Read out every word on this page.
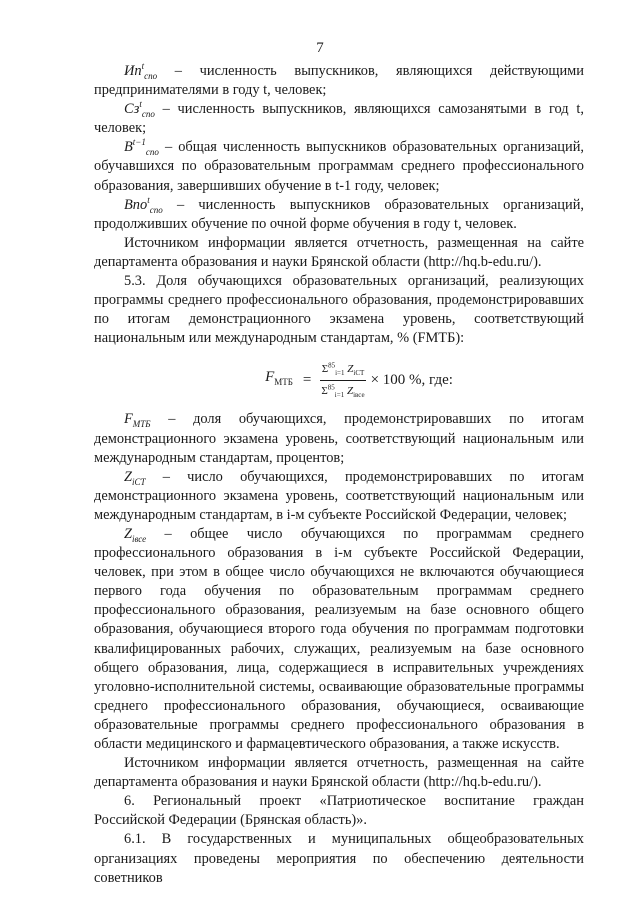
7

$Ип^t_{спо}$ – численность выпускников, являющихся действующими предпринимателями в году t, человек;

$Сз^t_{спо}$ – численность выпускников, являющихся самозанятыми в год t, человек;

$В^{t-1}_{спо}$ – общая численность выпускников образовательных организаций, обучавшихся по образовательным программам среднего профессионального образования, завершивших обучение в t-1 году, человек;

Впо$^t_{спо}$ – численность выпускников образовательных организаций, продолживших обучение по очной форме обучения в году t, человек.

Источником информации является отчетность, размещенная на сайте департамента образования и науки Брянской области (http://hq.b-edu.ru/).

5.3. Доля обучающихся образовательных организаций, реализующих программы среднего профессионального образования, продемонстрировавших по итогам демонстрационного экзамена уровень, соответствующий национальным или международным стандартам, % (FМТБ):

$F_{МТБ} = \frac{\Sigma^{85}_{i=1} Z_{iСТ}}{\Sigma^{85}_{i=1} Z_{iвсе}} \times 100$ %, где:

$F_{МТБ}$ – доля обучающихся, продемонстрировавших по итогам демонстрационного экзамена уровень, соответствующий национальным или международным стандартам, процентов;

$Z_{iСТ}$ – число обучающихся, продемонстрировавших по итогам демонстрационного экзамена уровень, соответствующий национальным или международным стандартам, в i-м субъекте Российской Федерации, человек;

$Z_{iвсе}$ – общее число обучающихся по программам среднего профессионального образования в i-м субъекте Российской Федерации, человек, при этом в общее число обучающихся не включаются обучающиеся первого года обучения по образовательным программам среднего профессионального образования, реализуемым на базе основного общего образования, обучающиеся второго года обучения по программам подготовки квалифицированных рабочих, служащих, реализуемым на базе основного общего образования, лица, содержащиеся в исправительных учреждениях уголовно-исполнительной системы, осваивающие образовательные программы среднего профессионального образования, обучающиеся, осваивающие образовательные программы среднего профессионального образования в области медицинского и фармацевтического образования, а также искусств.

Источником информации является отчетность, размещенная на сайте департамента образования и науки Брянской области (http://hq.b-edu.ru/).

6. Региональный проект «Патриотическое воспитание граждан Российской Федерации (Брянская область)».

6.1. В государственных и муниципальных общеобразовательных организациях проведены мероприятия по обеспечению деятельности советников
